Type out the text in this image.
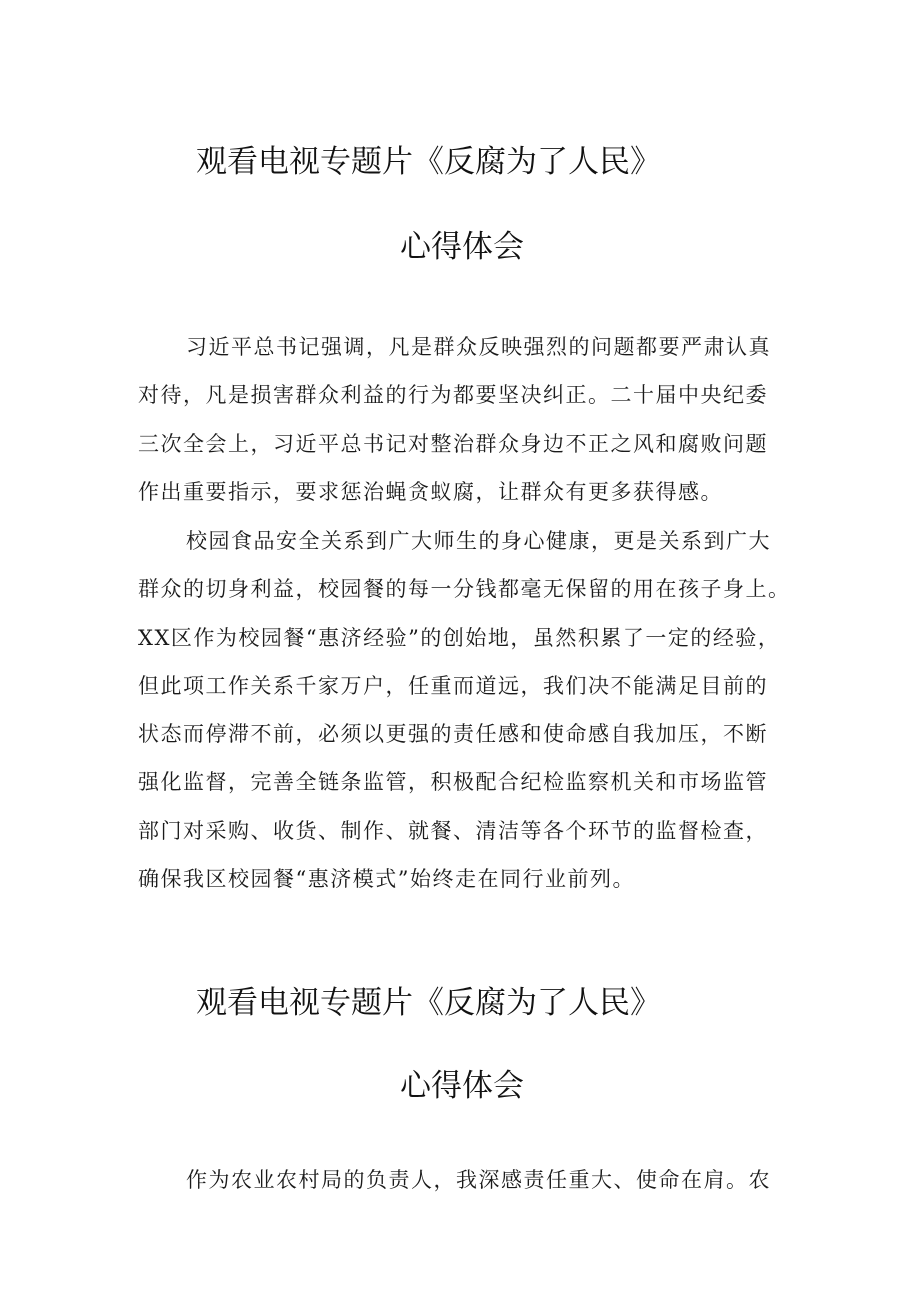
观看电视专题片《反腐为了人民》
心得体会
习近平总书记强调，凡是群众反映强烈的问题都要严肃认真
对待，凡是损害群众利益的行为都要坚决纠正。二十届中央纪委
三次全会上，习近平总书记对整治群众身边不正之风和腐败问题
作出重要指示，要求惩治蝇贪蚁腐，让群众有更多获得感。
校园食品安全关系到广大师生的身心健康，更是关系到广大
群众的切身利益，校园餐的每一分钱都毫无保留的用在孩子身上。
XX区作为校园餐“惠济经验”的创始地，虽然积累了一定的经验，
但此项工作关系千家万户，任重而道远，我们决不能满足目前的
状态而停滞不前，必须以更强的责任感和使命感自我加压，不断
强化监督，完善全链条监管，积极配合纪检监察机关和市场监管
部门对采购、收货、制作、就餐、清洁等各个环节的监督检查，
确保我区校园餐“惠济模式”始终走在同行业前列。
观看电视专题片《反腐为了人民》
心得体会
作为农业农村局的负责人，我深感责任重大、使命在肩。农
